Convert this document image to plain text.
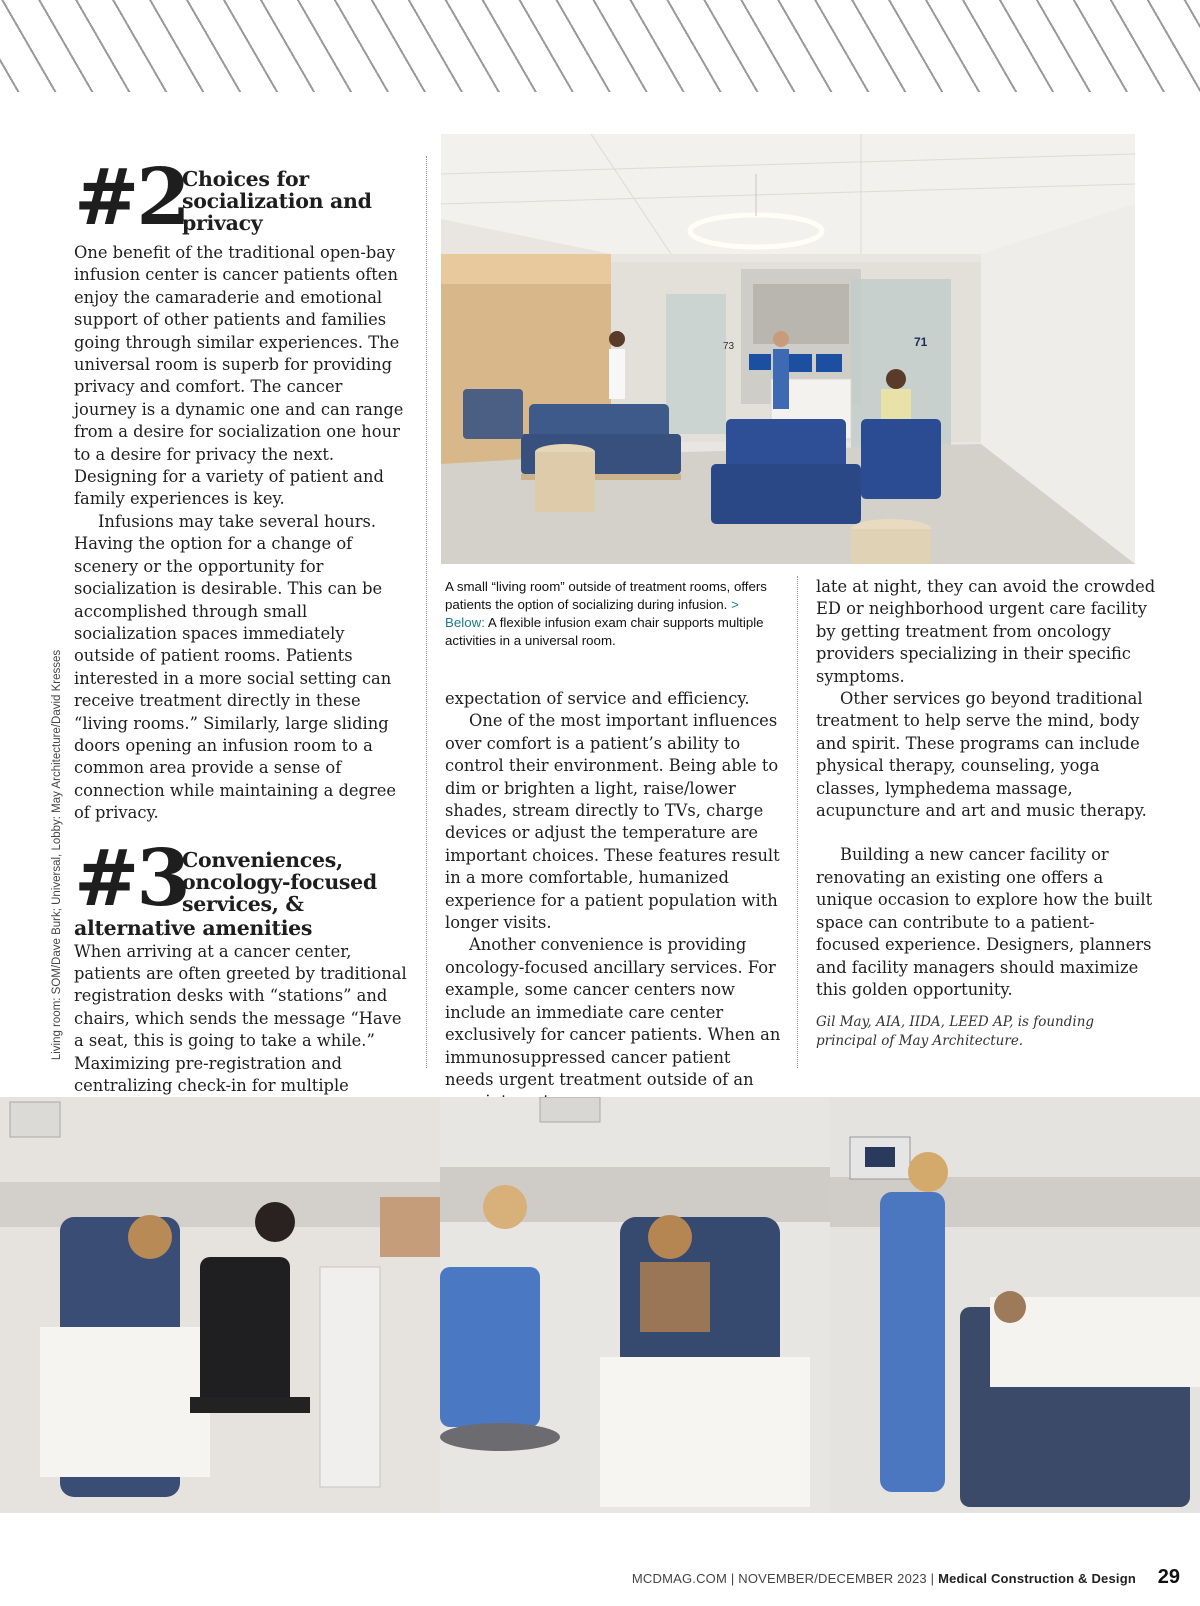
Living room: SOM/Dave Burk; Universal, Lobby: May Architecture/David Kresses
#2
Choices for socialization and privacy

One benefit of the traditional open-bay infusion center is cancer patients often enjoy the camaraderie and emotional support of other patients and families going through similar experiences. The universal room is superb for providing privacy and comfort. The cancer journey is a dynamic one and can range from a desire for socialization one hour to a desire for privacy the next. Designing for a variety of patient and family experiences is key.

Infusions may take several hours. Having the option for a change of scenery or the opportunity for socialization is desirable. This can be accomplished through small socialization spaces immediately outside of patient rooms. Patients interested in a more social setting can receive treatment directly in these “living rooms.” Similarly, large sliding doors opening an infusion room to a common area provide a sense of connection while maintaining a degree of privacy.

#3
Conveniences, oncology-focused services, &
alternative amenities

When arriving at a cancer center, patients are often greeted by traditional registration desks with “stations” and chairs, which sends the message “Have a seat, this is going to take a while.” Maximizing pre-registration and centralizing check-in for multiple

73	71
A small “living room” outside of treatment rooms, offers patients the option of socializing during infusion. > Below: A flexible infusion exam chair supports multiple activities in a universal room.

expectation of service and efficiency.

One of the most important influences over comfort is a patient’s ability to control their environment. Being able to dim or brighten a light, raise/lower shades, stream directly to TVs, charge devices or adjust the temperature are important choices. These features result in a more comfortable, humanized experience for a patient population with longer visits.

Another convenience is providing oncology-focused ancillary services. For example, some cancer centers now include an immediate care center exclusively for cancer patients. When an immunosuppressed cancer patient needs urgent treatment outside of an

late at night, they can avoid the crowded ED or neighborhood urgent care facility by getting treatment from oncology providers specializing in their specific symptoms.

Other services go beyond traditional treatment to help serve the mind, body and spirit. These programs can include physical therapy, counseling, yoga classes, lymphedema massage, acupuncture and art and music therapy.

Building a new cancer facility or renovating an existing one offers a unique occasion to explore how the built space can contribute to a patient-focused experience. Designers, planners and facility managers should maximize this golden opportunity.

Gil May, AIA, IIDA, LEED AP, is founding principal of May Architecture.
MCDMAG.COM | NOVEMBER/DECEMBER 2023 | Medical Construction & Design 29
